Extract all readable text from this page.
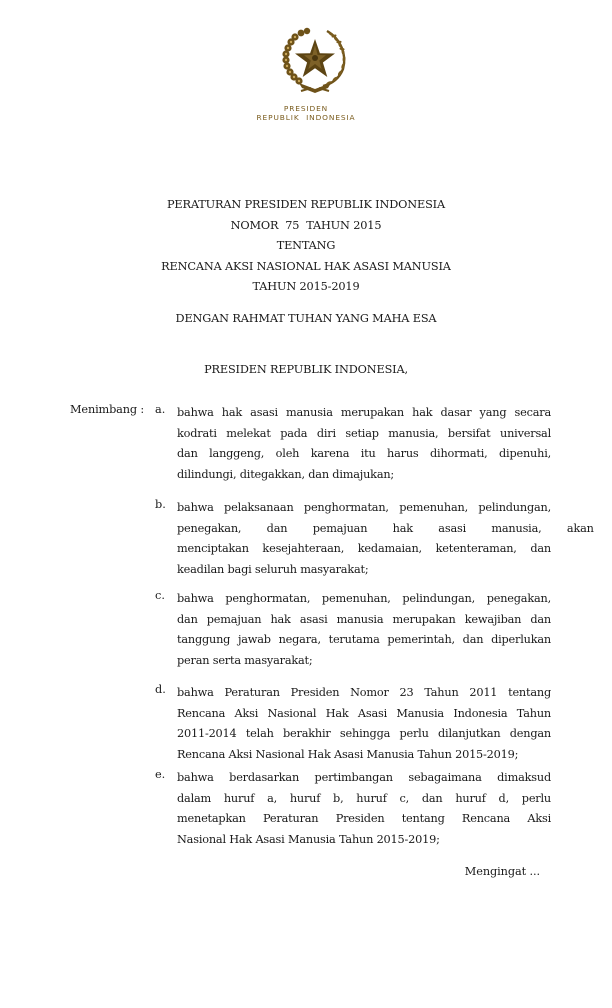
PRESIDEN
REPUBLIK  INDONESIA
PERATURAN PRESIDEN REPUBLIK INDONESIA
NOMOR  75  TAHUN 2015
TENTANG
RENCANA AKSI NASIONAL HAK ASASI MANUSIA
TAHUN 2015-2019
DENGAN RAHMAT TUHAN YANG MAHA ESA
PRESIDEN REPUBLIK INDONESIA,
Menimbang : a. bahwa hak asasi manusia merupakan hak dasar yang secara
kodrati melekat pada diri setiap manusia, bersifat universal
dan langgeng, oleh karena itu harus dihormati, dipenuhi,
dilindungi, ditegakkan, dan dimajukan;
b. bahwa pelaksanaan penghormatan, pemenuhan, pelindungan,
penegakan, dan pemajuan hak asasi manusia, akan
menciptakan kesejahteraan, kedamaian, ketenteraman, dan
keadilan bagi seluruh masyarakat;
c. bahwa penghormatan, pemenuhan, pelindungan, penegakan,
dan pemajuan hak asasi manusia merupakan kewajiban dan
tanggung jawab negara, terutama pemerintah, dan diperlukan
peran serta masyarakat;
d. bahwa Peraturan Presiden Nomor 23 Tahun 2011 tentang
Rencana Aksi Nasional Hak Asasi Manusia Indonesia Tahun
2011-2014 telah berakhir sehingga perlu dilanjutkan dengan
Rencana Aksi Nasional Hak Asasi Manusia Tahun 2015-2019;
e. bahwa berdasarkan pertimbangan sebagaimana dimaksud
dalam huruf a, huruf b, huruf c, dan huruf d, perlu
menetapkan Peraturan Presiden tentang Rencana Aksi
Nasional Hak Asasi Manusia Tahun 2015-2019;
Mengingat ...
